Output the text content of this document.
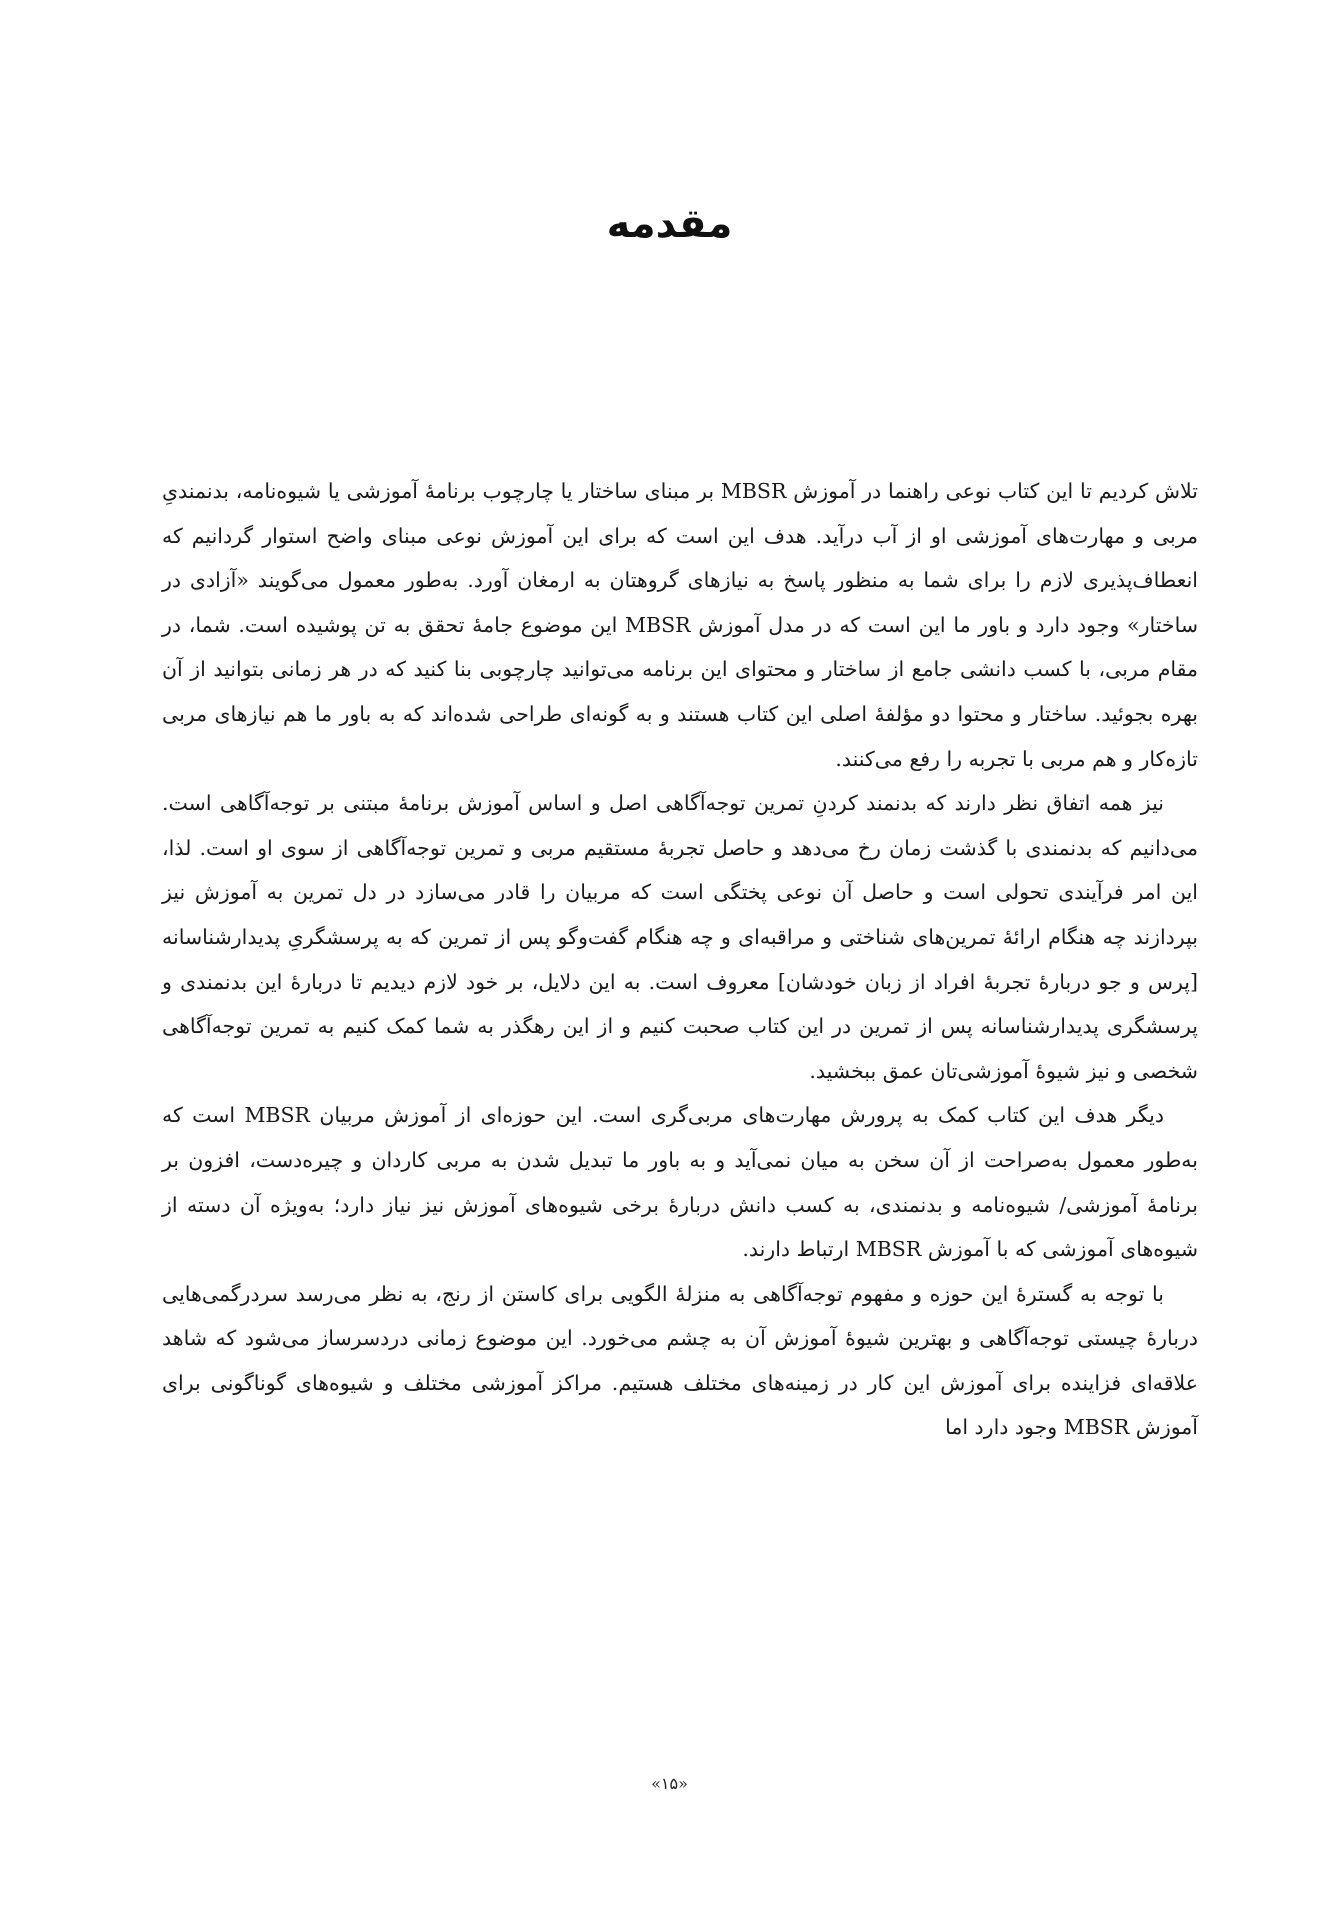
مقدمه

تلاش کردیم تا این کتاب نوعی راهنما در آموزش MBSR بر مبنای ساختار یا چارچوب برنامهٔ آموزشی یا شیوه‌نامه، بدنمندیِ مربی و مهارت‌های آموزشی او از آب درآید. هدف این است که برای این آموزش نوعی مبنای واضح استوار گردانیم که انعطاف‌پذیری لازم را برای شما به منظور پاسخ به نیازهای گروهتان به ارمغان آورد. به‌طور معمول می‌گویند «آزادی در ساختار» وجود دارد و باور ما این است که در مدل آموزش MBSR این موضوع جامهٔ تحقق به تن پوشیده است. شما، در مقام مربی، با کسب دانشی جامع از ساختار و محتوای این برنامه می‌توانید چارچوبی بنا کنید که در هر زمانی بتوانید از آن بهره بجوئید. ساختار و محتوا دو مؤلفهٔ اصلی این کتاب هستند و به گونه‌ای طراحی شده‌اند که به باور ما هم نیازهای مربی تازه‌کار و هم مربی با تجربه را رفع می‌کنند.

نیز همه اتفاق نظر دارند که بدنمند کردنِ تمرین توجه‌آگاهی اصل و اساس آموزش برنامهٔ مبتنی بر توجه‌آگاهی است. می‌دانیم که بدنمندی با گذشت زمان رخ می‌دهد و حاصل تجربهٔ مستقیم مربی و تمرین توجه‌آگاهی از سوی او است. لذا، این امر فرآیندی تحولی است و حاصل آن نوعی پختگی است که مربیان را قادر می‌سازد در دل تمرین به آموزش نیز بپردازند چه هنگام ارائهٔ تمرین‌های شناختی و مراقبه‌ای و چه هنگام گفت‌وگو پس از تمرین که به پرسشگریِ پدیدارشناسانه [پرس و جو دربارهٔ تجربهٔ افراد از زبان خودشان] معروف است. به این دلایل، بر خود لازم دیدیم تا دربارهٔ این بدنمندی و پرسشگری پدیدارشناسانه پس از تمرین در این کتاب صحبت کنیم و از این رهگذر به شما کمک کنیم به تمرین توجه‌آگاهی شخصی و نیز شیوهٔ آموزشی‌تان عمق ببخشید.

دیگر هدف این کتاب کمک به پرورش مهارت‌های مربی‌گری است. این حوزه‌ای از آموزش مربیان MBSR است که به‌طور معمول به‌صراحت از آن سخن به میان نمی‌آید و به باور ما تبدیل شدن به مربی کاردان و چیره‌دست، افزون بر برنامهٔ آموزشی/ شیوه‌نامه و بدنمندی، به کسب دانش دربارهٔ برخی شیوه‌های آموزش نیز نیاز دارد؛ به‌ویژه آن دسته از شیوه‌های آموزشی که با آموزش MBSR ارتباط دارند.

با توجه به گسترهٔ این حوزه و مفهوم توجه‌آگاهی به منزلهٔ الگویی برای کاستن از رنج، به نظر می‌رسد سردرگمی‌هایی دربارهٔ چیستی توجه‌آگاهی و بهترین شیوهٔ آموزش آن به چشم می‌خورد. این موضوع زمانی دردسرساز می‌شود که شاهد علاقه‌ای فزاینده برای آموزش این کار در زمینه‌های مختلف هستیم. مراکز آموزشی مختلف و شیوه‌های گوناگونی برای آموزش MBSR وجود دارد اما

«۱۵»
